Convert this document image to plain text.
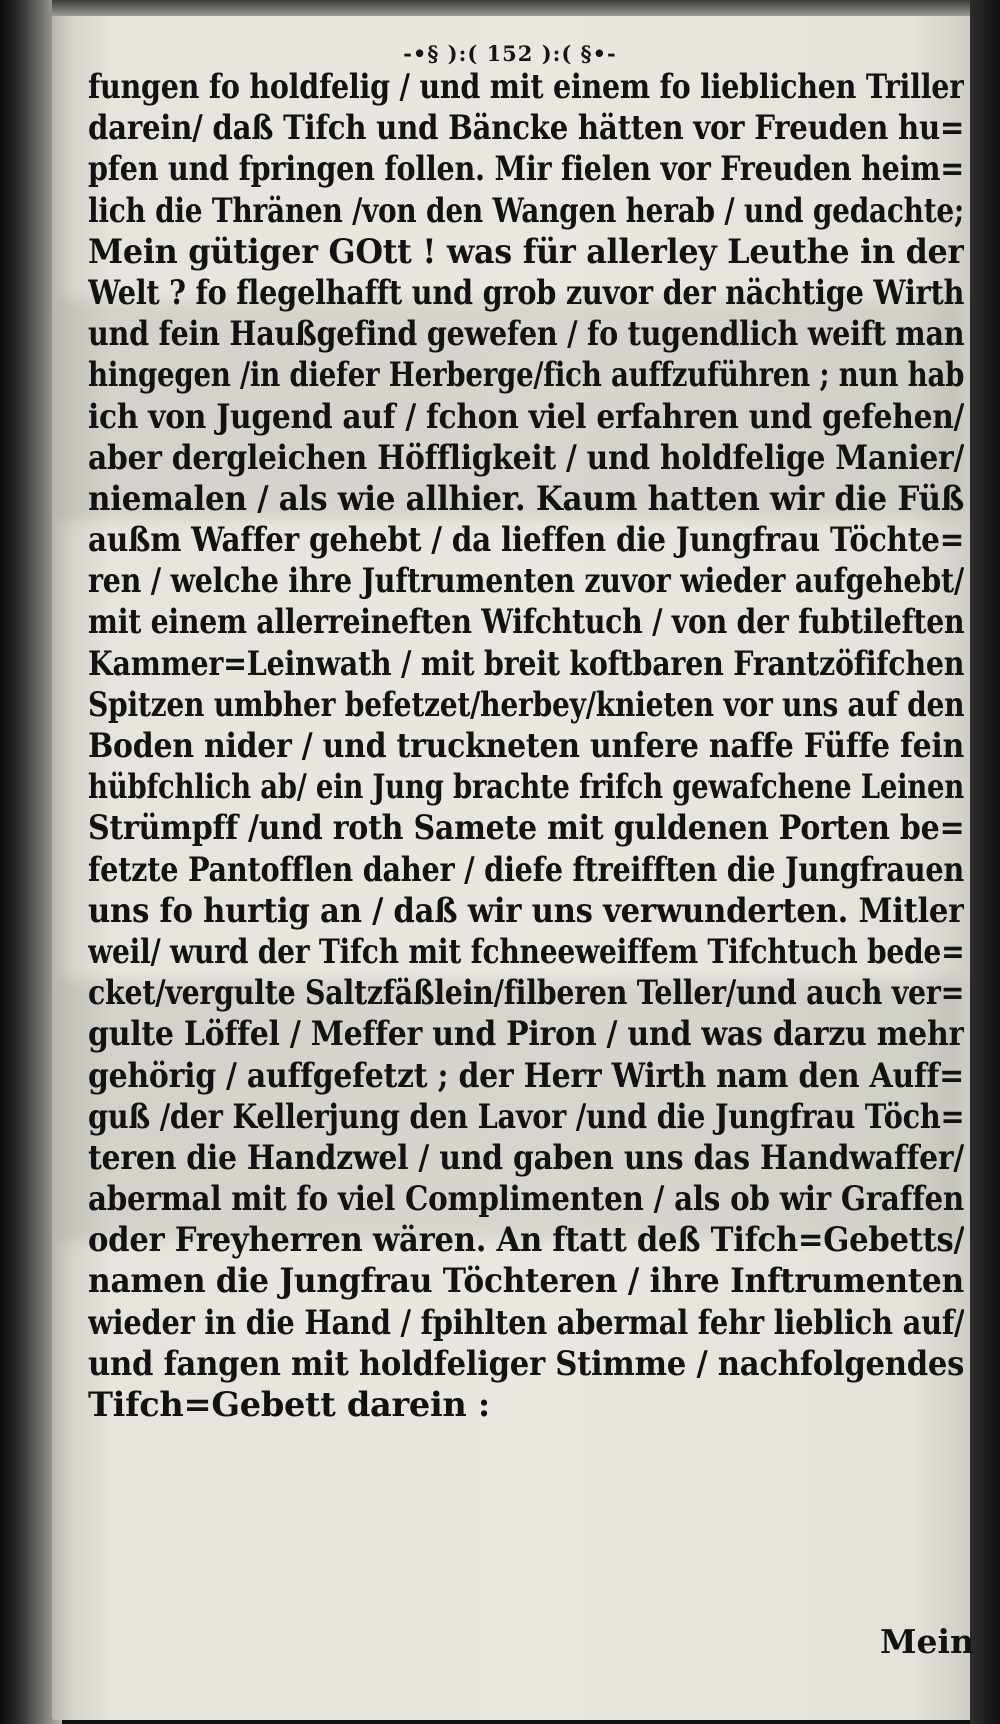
-•§ ):( 152 ):( §•-
fungen fo holdfelig / und mit einem fo lieblichen Triller
darein/ daß Tifch und Bäncke hätten vor Freuden hu=
pfen und fpringen follen. Mir fielen vor Freuden heim=
lich die Thränen /von den Wangen herab / und gedachte;
Mein gütiger GOtt ! was für allerley Leuthe in der
Welt ? fo flegelhafft und grob zuvor der nächtige Wirth
und fein Haußgefind gewefen / fo tugendlich weift man
hingegen /in diefer Herberge/fich auffzuführen ; nun hab
ich von Jugend auf / fchon viel erfahren und gefehen/
aber dergleichen Höffligkeit / und holdfelige Manier/
niemalen / als wie allhier. Kaum hatten wir die Füß
außm Waffer gehebt / da lieffen die Jungfrau Töchte=
ren / welche ihre Juftrumenten zuvor wieder aufgehebt/
mit einem allerreineften Wifchtuch / von der fubtileften
Kammer=Leinwath / mit breit koftbaren Frantzöfifchen
Spitzen umbher befetzet/herbey/knieten vor uns auf den
Boden nider / und truckneten unfere naffe Füffe fein
hübfchlich ab/ ein Jung brachte frifch gewafchene Leinen
Strümpff /und roth Samete mit guldenen Porten be=
fetzte Pantofflen daher / diefe ftreifften die Jungfrauen
uns fo hurtig an / daß wir uns verwunderten. Mitler
weil/ wurd der Tifch mit fchneeweiffem Tifchtuch bede=
cket/vergulte Saltzfäßlein/filberen Teller/und auch ver=
gulte Löffel / Meffer und Piron / und was darzu mehr
gehörig / auffgefetzt ; der Herr Wirth nam den Auff=
guß /der Kellerjung den Lavor /und die Jungfrau Töch=
teren die Handzwel / und gaben uns das Handwaffer/
abermal mit fo viel Complimenten / als ob wir Graffen
oder Freyherren wären. An ftatt deß Tifch=Gebetts/
namen die Jungfrau Töchteren / ihre Inftrumenten
wieder in die Hand / fpihlten abermal fehr lieblich auf/
und fangen mit holdfeliger Stimme / nachfolgendes
Tifch=Gebett darein :
Mein
